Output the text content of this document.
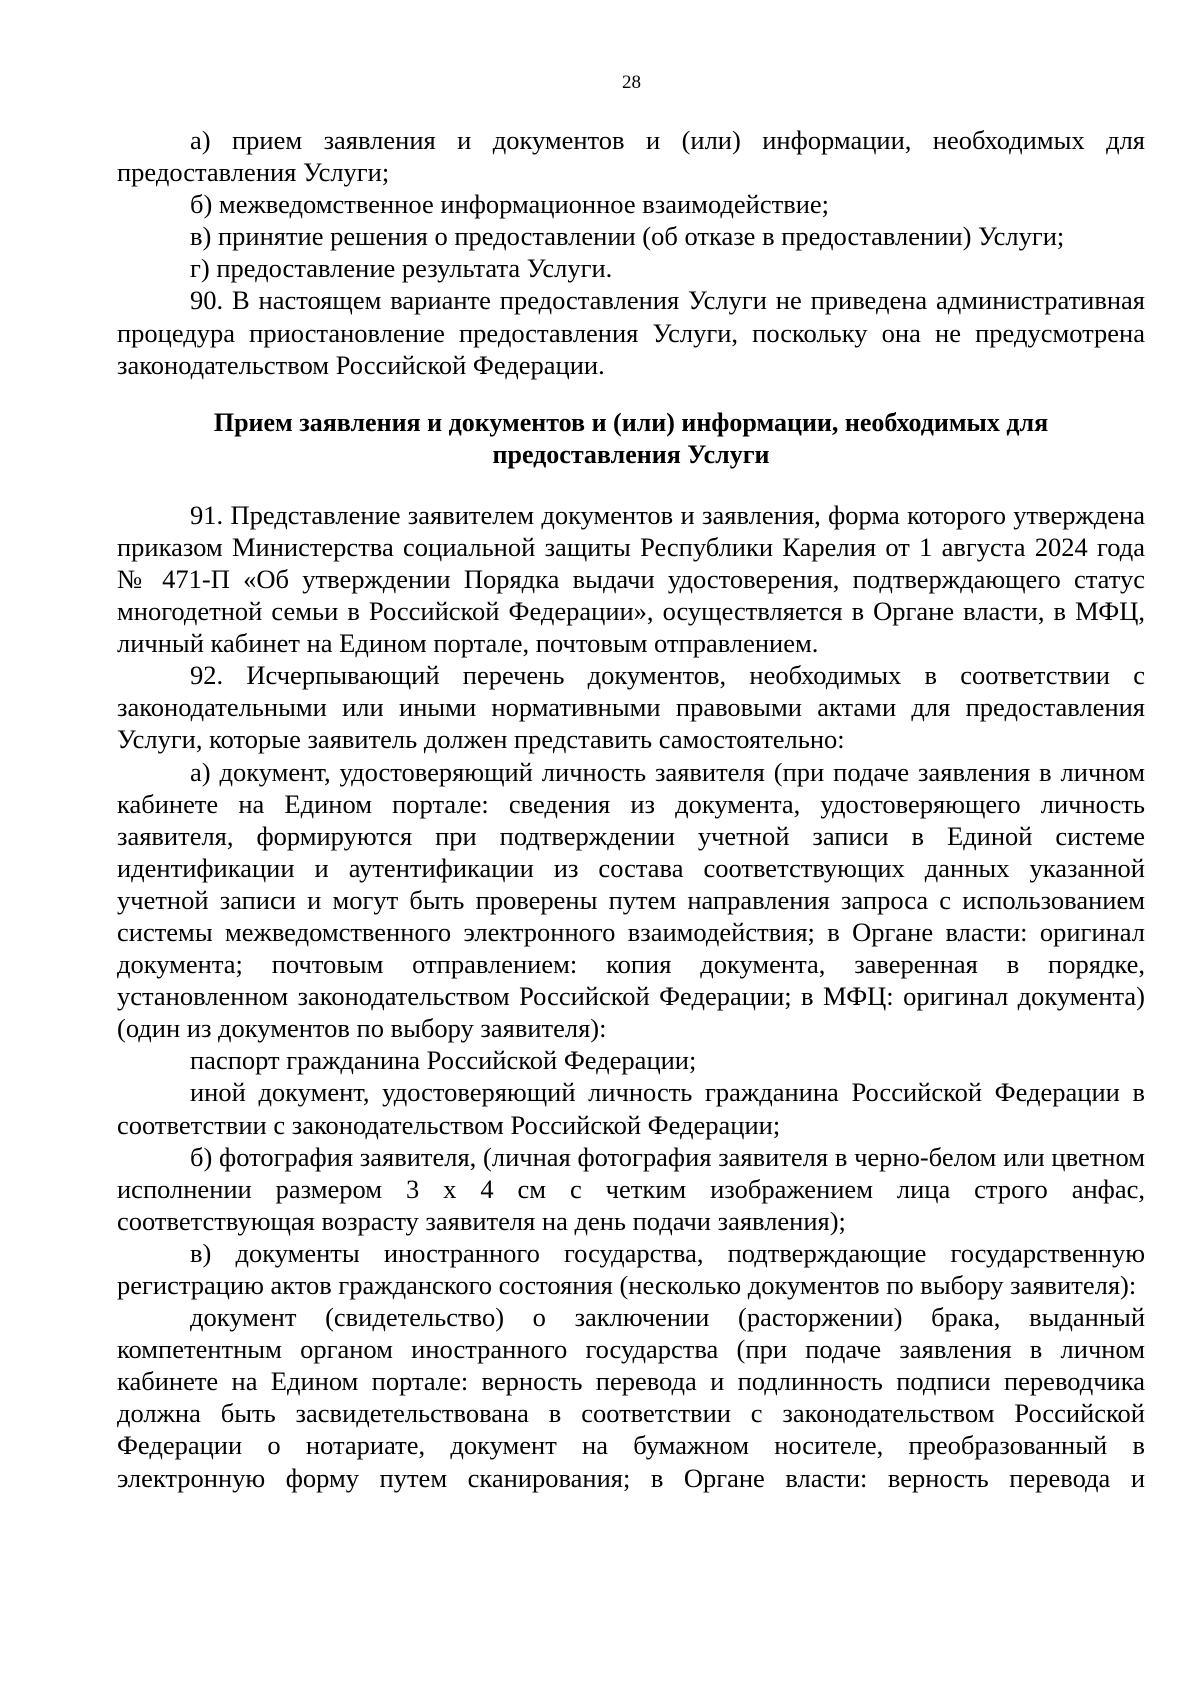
28

а) прием заявления и документов и (или) информации, необходимых для предоставления Услуги;

б) межведомственное информационное взаимодействие;

в) принятие решения о предоставлении (об отказе в предоставлении) Услуги;

г) предоставление результата Услуги.

90. В настоящем варианте предоставления Услуги не приведена административная процедура приостановление предоставления Услуги, поскольку она не предусмотрена законодательством Российской Федерации.

Прием заявления и документов и (или) информации, необходимых для
предоставления Услуги

91. Представление заявителем документов и заявления, форма которого утверждена приказом Министерства социальной защиты Республики Карелия от 1 августа 2024 года № 471-П «Об утверждении Порядка выдачи удостоверения, подтверждающего статус многодетной семьи в Российской Федерации», осуществляется в Органе власти, в МФЦ, личный кабинет на Едином портале, почтовым отправлением.

92. Исчерпывающий перечень документов, необходимых в соответствии с законодательными или иными нормативными правовыми актами для предоставления Услуги, которые заявитель должен представить самостоятельно:

а) документ, удостоверяющий личность заявителя (при подаче заявления в личном кабинете на Едином портале: сведения из документа, удостоверяющего личность заявителя, формируются при подтверждении учетной записи в Единой системе идентификации и аутентификации из состава соответствующих данных указанной учетной записи и могут быть проверены путем направления запроса с использованием системы межведомственного электронного взаимодействия; в Органе власти: оригинал документа; почтовым отправлением: копия документа, заверенная в порядке, установленном законодательством Российской Федерации; в МФЦ: оригинал документа) (один из документов по выбору заявителя):

паспорт гражданина Российской Федерации;

иной документ, удостоверяющий личность гражданина Российской Федерации в соответствии с законодательством Российской Федерации;

б) фотография заявителя, (личная фотография заявителя в черно-белом или цветном исполнении размером 3 х 4 см с четким изображением лица строго анфас, соответствующая возрасту заявителя на день подачи заявления);

в) документы иностранного государства, подтверждающие государственную регистрацию актов гражданского состояния (несколько документов по выбору заявителя):

документ (свидетельство) о заключении (расторжении) брака, выданный компетентным органом иностранного государства (при подаче заявления в личном кабинете на Едином портале: верность перевода и подлинность подписи переводчика должна быть засвидетельствована в соответствии с законодательством Российской Федерации о нотариате, документ на бумажном носителе, преобразованный в электронную форму путем сканирования; в Органе власти: верность перевода и
